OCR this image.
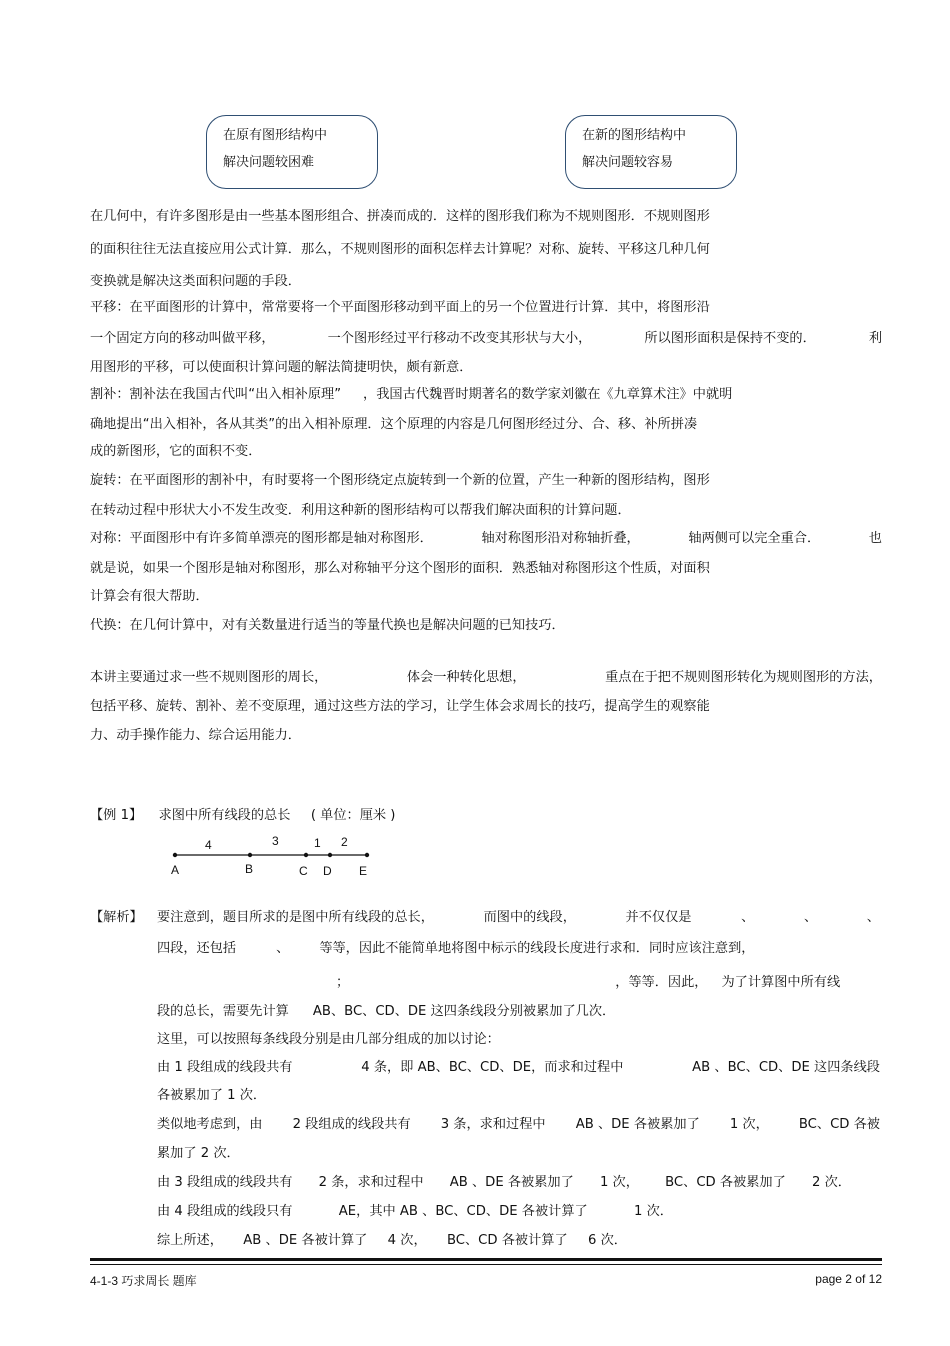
在原有图形结构中
解决问题较困难
在新的图形结构中
解决问题较容易
在几何中，有许多图形是由一些基本图形组合、拼凑而成的．这样的图形我们称为不规则图形．不规则图形
的面积往往无法直接应用公式计算．那么，不规则图形的面积怎样去计算呢？对称、旋转、平移这几种几何
变换就是解决这类面积问题的手段．
平移：在平面图形的计算中，常常要将一个平面图形移动到平面上的另一个位置进行计算．其中，将图形沿
一个固定方向的移动叫做平移，	一个图形经过平行移动不改变其形状与大小，	所以图形面积是保持不变的．	利
用图形的平移，可以使面积计算问题的解法简捷明快，颇有新意．
割补：割补法在我国古代叫“出入相补原理” ，我国古代魏晋时期著名的数学家刘徽在《九章算术注》中就明
确地提出“出入相补，各从其类”的出入相补原理．这个原理的内容是几何图形经过分、合、移、补所拼凑
成的新图形，它的面积不变．
旋转：在平面图形的割补中，有时要将一个图形绕定点旋转到一个新的位置，产生一种新的图形结构，图形
在转动过程中形状大小不发生改变．利用这种新的图形结构可以帮我们解决面积的计算问题．
对称：平面图形中有许多简单漂亮的图形都是轴对称图形．	轴对称图形沿对称轴折叠，	轴两侧可以完全重合．	也
就是说，如果一个图形是轴对称图形，那么对称轴平分这个图形的面积．熟悉轴对称图形这个性质，对面积
计算会有很大帮助．
代换：在几何计算中，对有关数量进行适当的等量代换也是解决问题的已知技巧．
本讲主要通过求一些不规则图形的周长，	体会一种转化思想，	重点在于把不规则图形转化为规则图形的方法，
包括平移、旋转、割补、差不变原理，通过这些方法的学习，让学生体会求周长的技巧，提高学生的观察能
力、动手操作能力、综合运用能力．
【例 1】 求图中所有线段的总长 ( 单位：厘米 )
4	3	1 2
A	B	C D E
【解析】 要注意到，题目所求的是图中所有线段的总长，	而图中的线段，	并不仅仅是	、	、	、
四段，还包括	、 等等，因此不能简单地将图中标示的线段长度进行求和．同时应该注意到，
；	，等等．因此， 为了计算图中所有线
段的总长，需要先计算 AB、BC、CD、DE 这四条线段分别被累加了几次．
这里，可以按照每条线段分别是由几部分组成的加以讨论：
由 1 段组成的线段共有	4 条，即 AB、BC、CD、DE，而求和过程中	AB 、BC、CD、DE 这四条线段
各被累加了 1 次．
类似地考虑到，由 2 段组成的线段共有 3 条，求和过程中 AB 、DE 各被累加了 1 次， BC、CD 各被
累加了 2 次．
由 3 段组成的线段共有 2 条，求和过程中 AB 、DE 各被累加了 1 次， BC、CD 各被累加了 2 次．
由 4 段组成的线段只有	AE，其中 AB 、BC、CD、DE 各被计算了	1 次．
综上所述， AB 、DE 各被计算了 4 次， BC、CD 各被计算了 6 次．
4-1-3 巧求周长 题库	page 2 of 12
